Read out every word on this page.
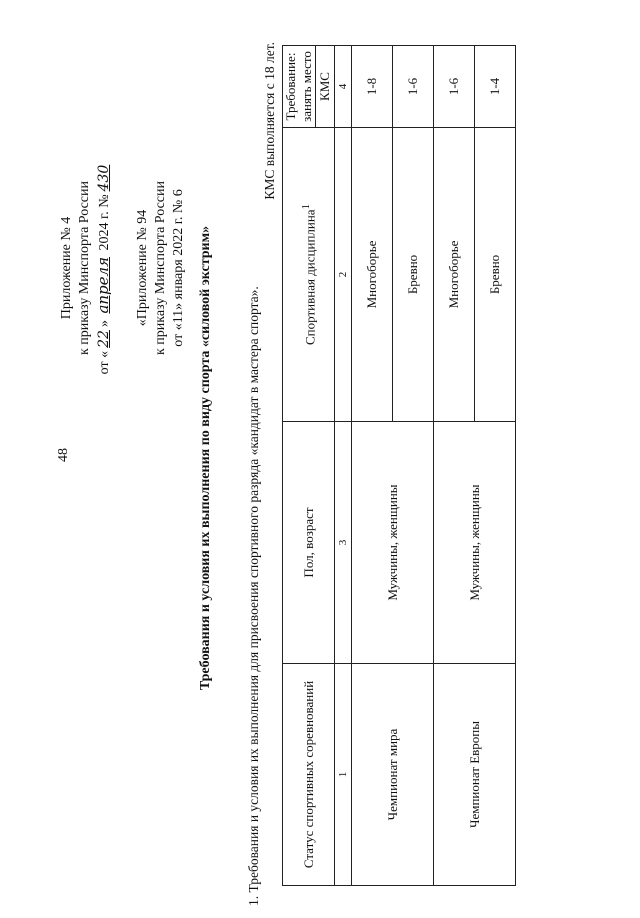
48
Приложение № 4 к приказу Минспорта России
от «22» апреля 2024 г. №430
«Приложение № 94 к приказу Минспорта России от «11» января 2022 г. № 6 Требования и условия их выполнения по виду спорта «силовой экстрим» 1. Требования и условия их выполнения для присвоения спортивного разряда «кандидат в мастера спорта».
КМС выполняется с 18 лет.
Статус спортивных соревнований	Пол, возраст	Спортивная дисциплина$^1$	Требование: занять место
			КМС
1	3	2	4
Чемпионат мира	Мужчины, женщины	Многоборье	1-8
		Бревно	1-6
Чемпионат Европы	Мужчины, женщины	Многоборье	1-6
		Бревно	1-4
